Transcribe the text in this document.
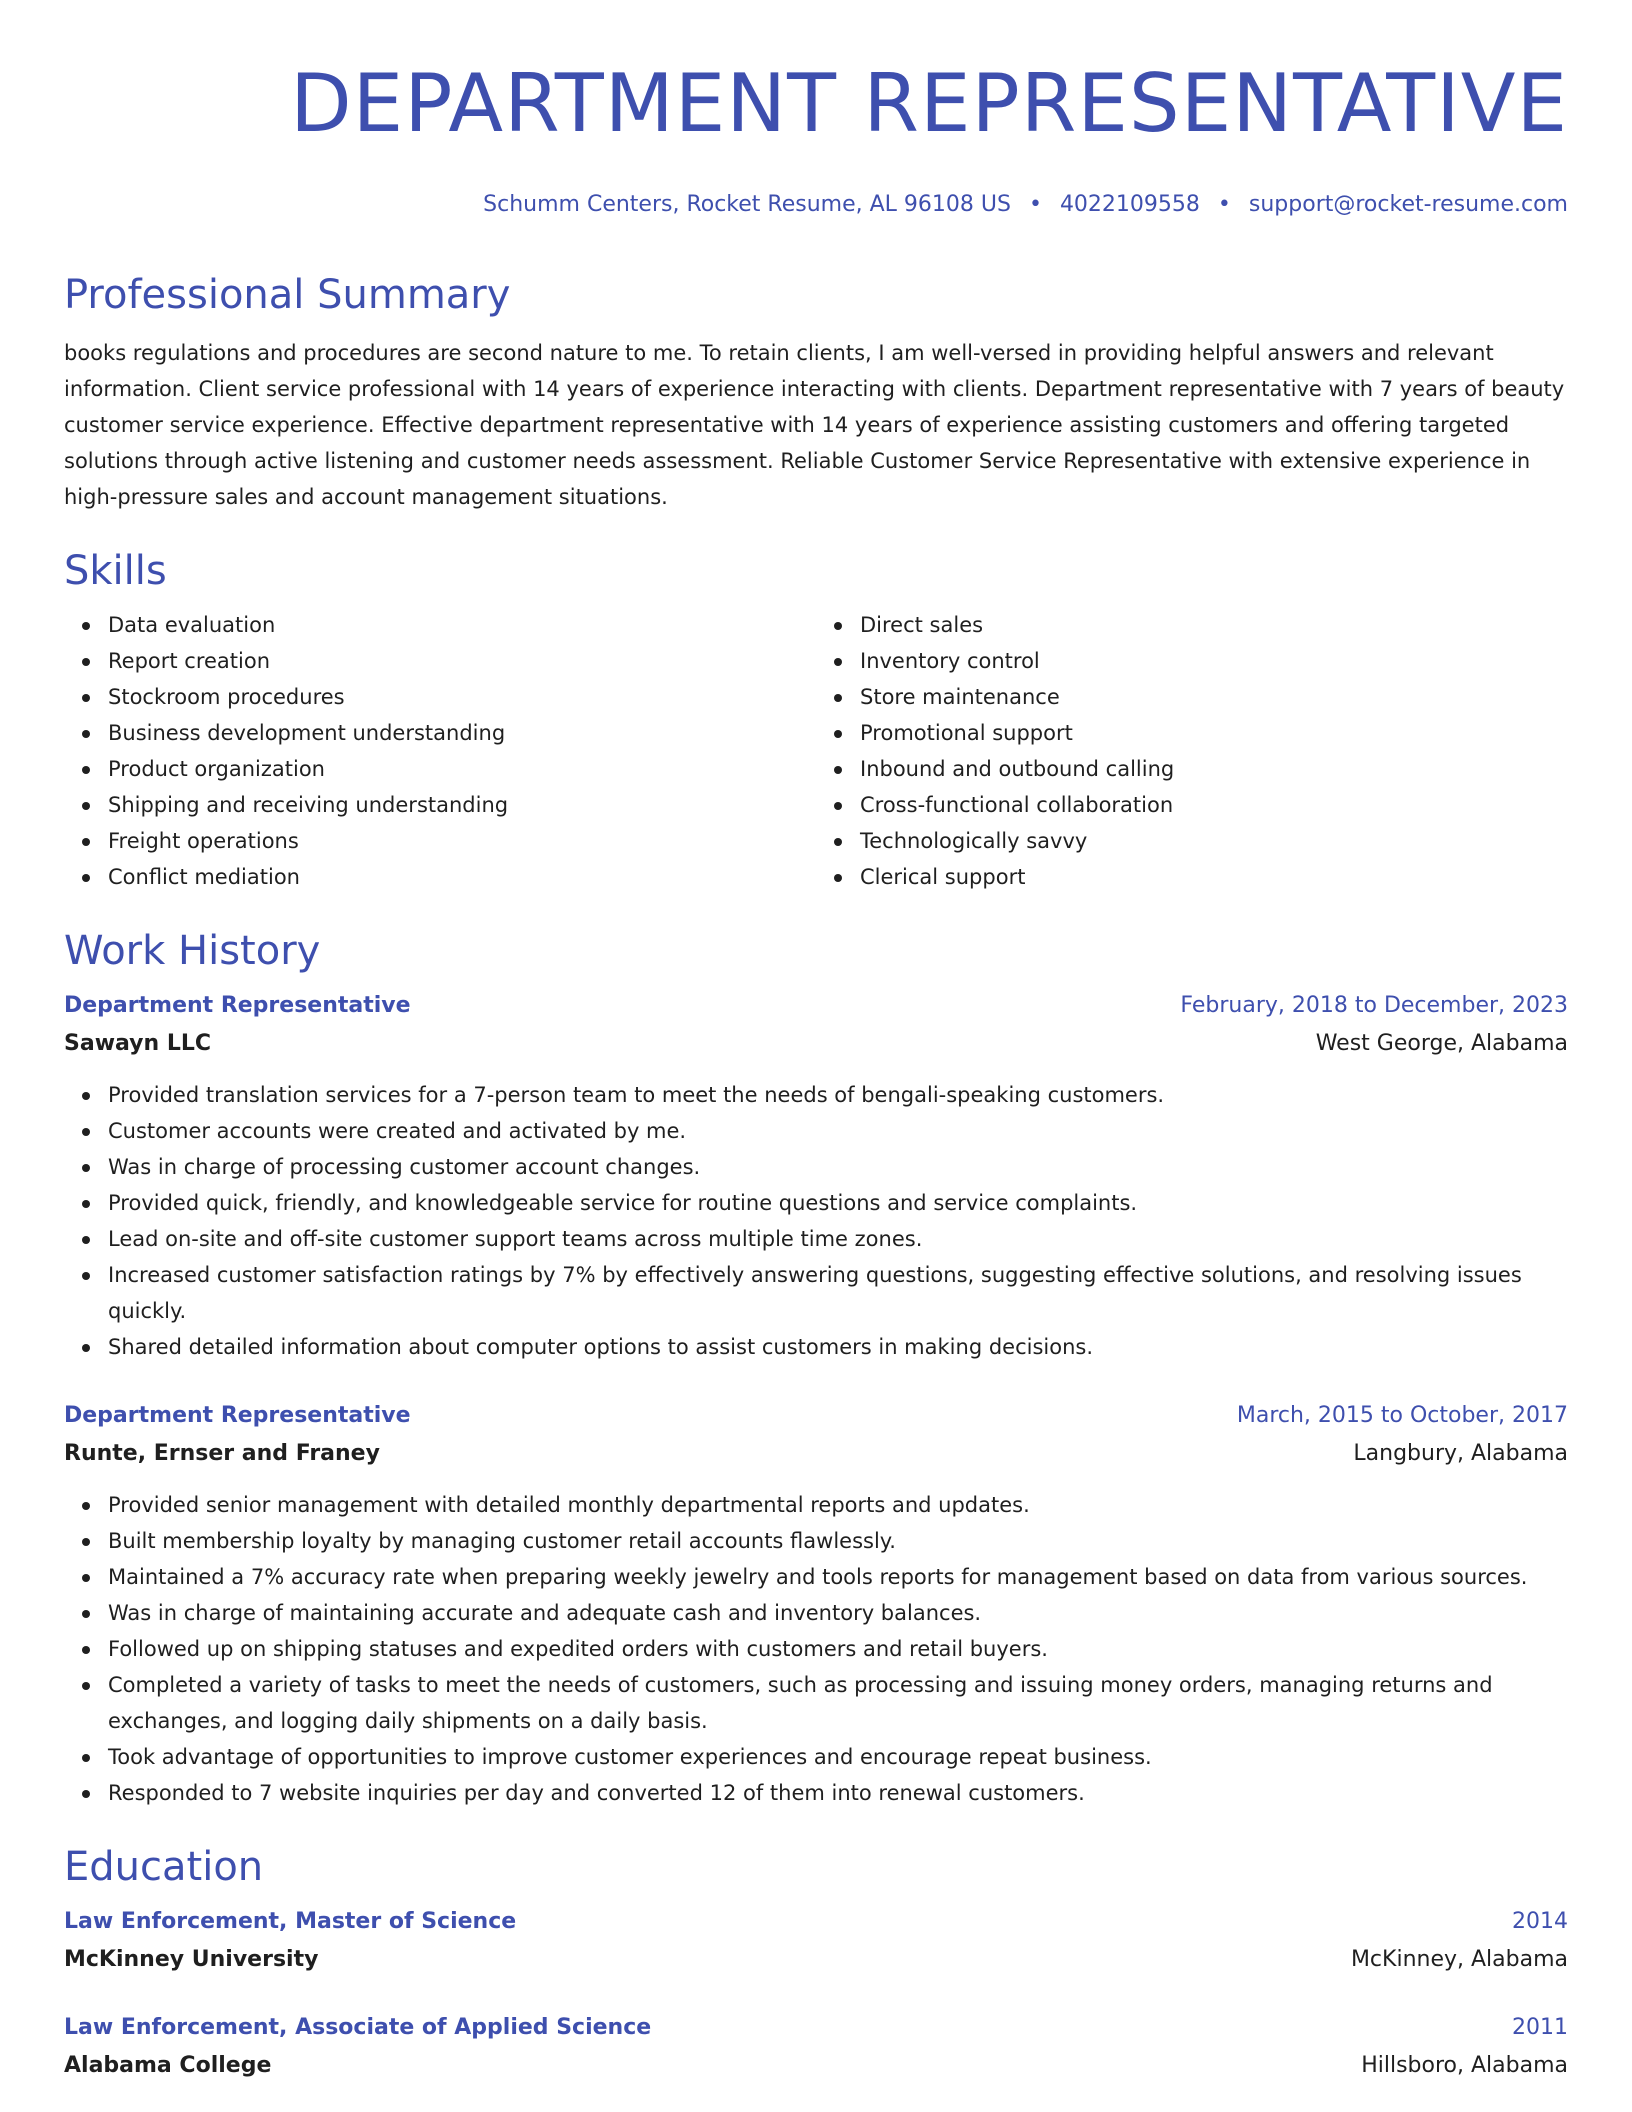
DEPARTMENT REPRESENTATIVE
Schumm Centers, Rocket Resume, AL 96108 US • 4022109558 • support@rocket-resume.com
Professional Summary
books regulations and procedures are second nature to me. To retain clients, I am well-versed in providing helpful answers and relevant information. Client service professional with 14 years of experience interacting with clients. Department representative with 7 years of beauty customer service experience. Effective department representative with 14 years of experience assisting customers and offering targeted solutions through active listening and customer needs assessment. Reliable Customer Service Representative with extensive experience in high-pressure sales and account management situations.
Skills
Data evaluation
Report creation
Stockroom procedures
Business development understanding
Product organization
Shipping and receiving understanding
Freight operations
Conflict mediation
Direct sales
Inventory control
Store maintenance
Promotional support
Inbound and outbound calling
Cross-functional collaboration
Technologically savvy
Clerical support
Work History
Department Representative	February, 2018 to December, 2023
Sawayn LLC	West George, Alabama
Provided translation services for a 7-person team to meet the needs of bengali-speaking customers.
Customer accounts were created and activated by me.
Was in charge of processing customer account changes.
Provided quick, friendly, and knowledgeable service for routine questions and service complaints.
Lead on-site and off-site customer support teams across multiple time zones.
Increased customer satisfaction ratings by 7% by effectively answering questions, suggesting effective solutions, and resolving issues quickly.
Shared detailed information about computer options to assist customers in making decisions.
Department Representative	March, 2015 to October, 2017
Runte, Ernser and Franey	Langbury, Alabama
Provided senior management with detailed monthly departmental reports and updates.
Built membership loyalty by managing customer retail accounts flawlessly.
Maintained a 7% accuracy rate when preparing weekly jewelry and tools reports for management based on data from various sources.
Was in charge of maintaining accurate and adequate cash and inventory balances.
Followed up on shipping statuses and expedited orders with customers and retail buyers.
Completed a variety of tasks to meet the needs of customers, such as processing and issuing money orders, managing returns and exchanges, and logging daily shipments on a daily basis.
Took advantage of opportunities to improve customer experiences and encourage repeat business.
Responded to 7 website inquiries per day and converted 12 of them into renewal customers.
Education
Law Enforcement, Master of Science	2014
McKinney University	McKinney, Alabama
Law Enforcement, Associate of Applied Science	2011
Alabama College	Hillsboro, Alabama
